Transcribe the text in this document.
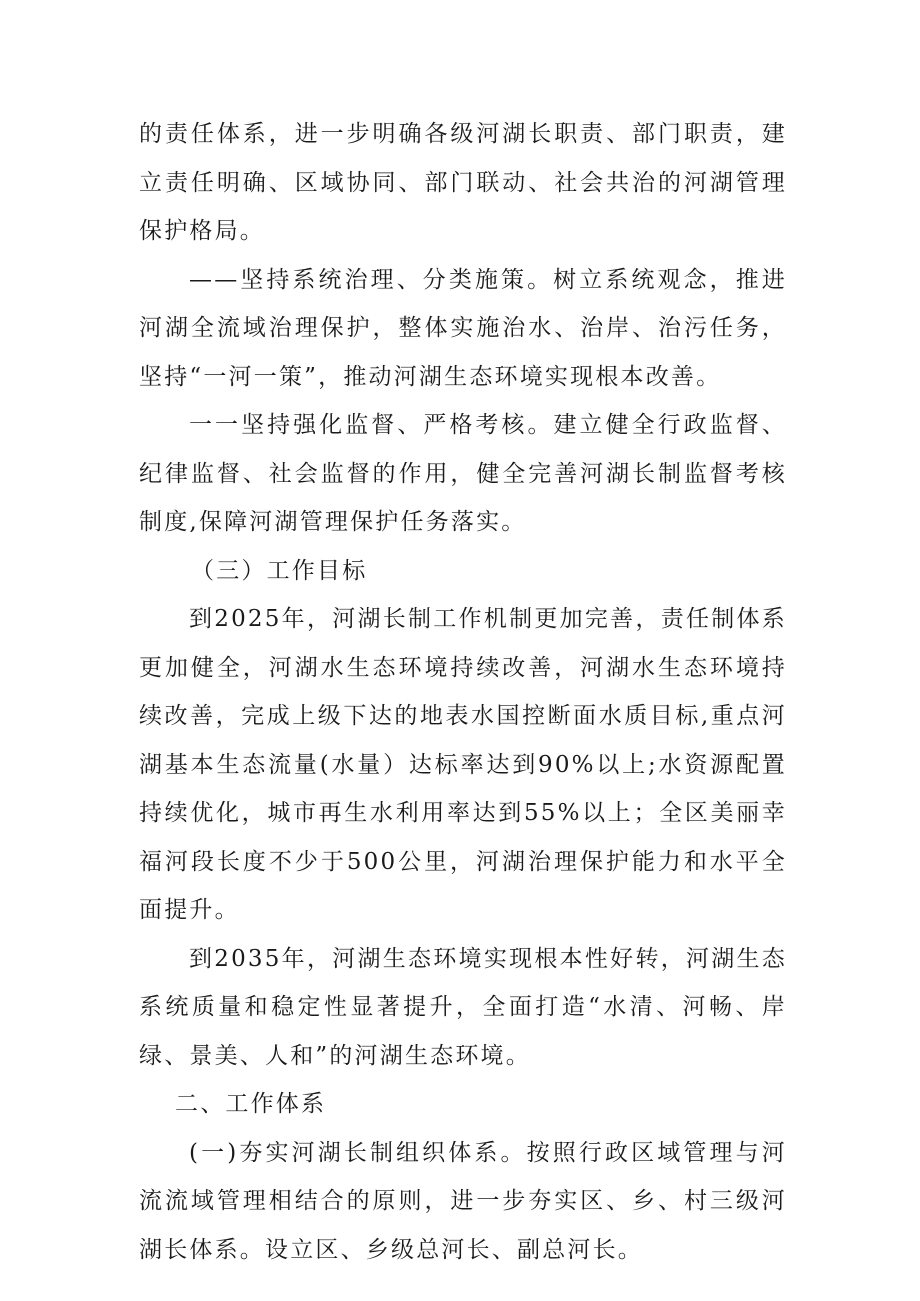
的责任体系，进一步明确各级河湖长职责、部门职责，建立责任明确、区域协同、部门联动、社会共治的河湖管理保护格局。

——坚持系统治理、分类施策。树立系统观念，推进河湖全流域治理保护，整体实施治水、治岸、治污任务，坚持“一河一策”，推动河湖生态环境实现根本改善。

一一坚持强化监督、严格考核。建立健全行政监督、纪律监督、社会监督的作用，健全完善河湖长制监督考核制度,保障河湖管理保护任务落实。

（三）工作目标

到2025年，河湖长制工作机制更加完善，责任制体系更加健全，河湖水生态环境持续改善，河湖水生态环境持续改善，完成上级下达的地表水国控断面水质目标,重点河湖基本生态流量(水量）达标率达到90%以上;水资源配置持续优化，城市再生水利用率达到55%以上；全区美丽幸福河段长度不少于500公里，河湖治理保护能力和水平全面提升。

到2035年，河湖生态环境实现根本性好转，河湖生态系统质量和稳定性显著提升，全面打造“水清、河畅、岸绿、景美、人和”的河湖生态环境。

二、工作体系

(一)夯实河湖长制组织体系。按照行政区域管理与河流流域管理相结合的原则，进一步夯实区、乡、村三级河湖长体系。设立区、乡级总河长、副总河长。
